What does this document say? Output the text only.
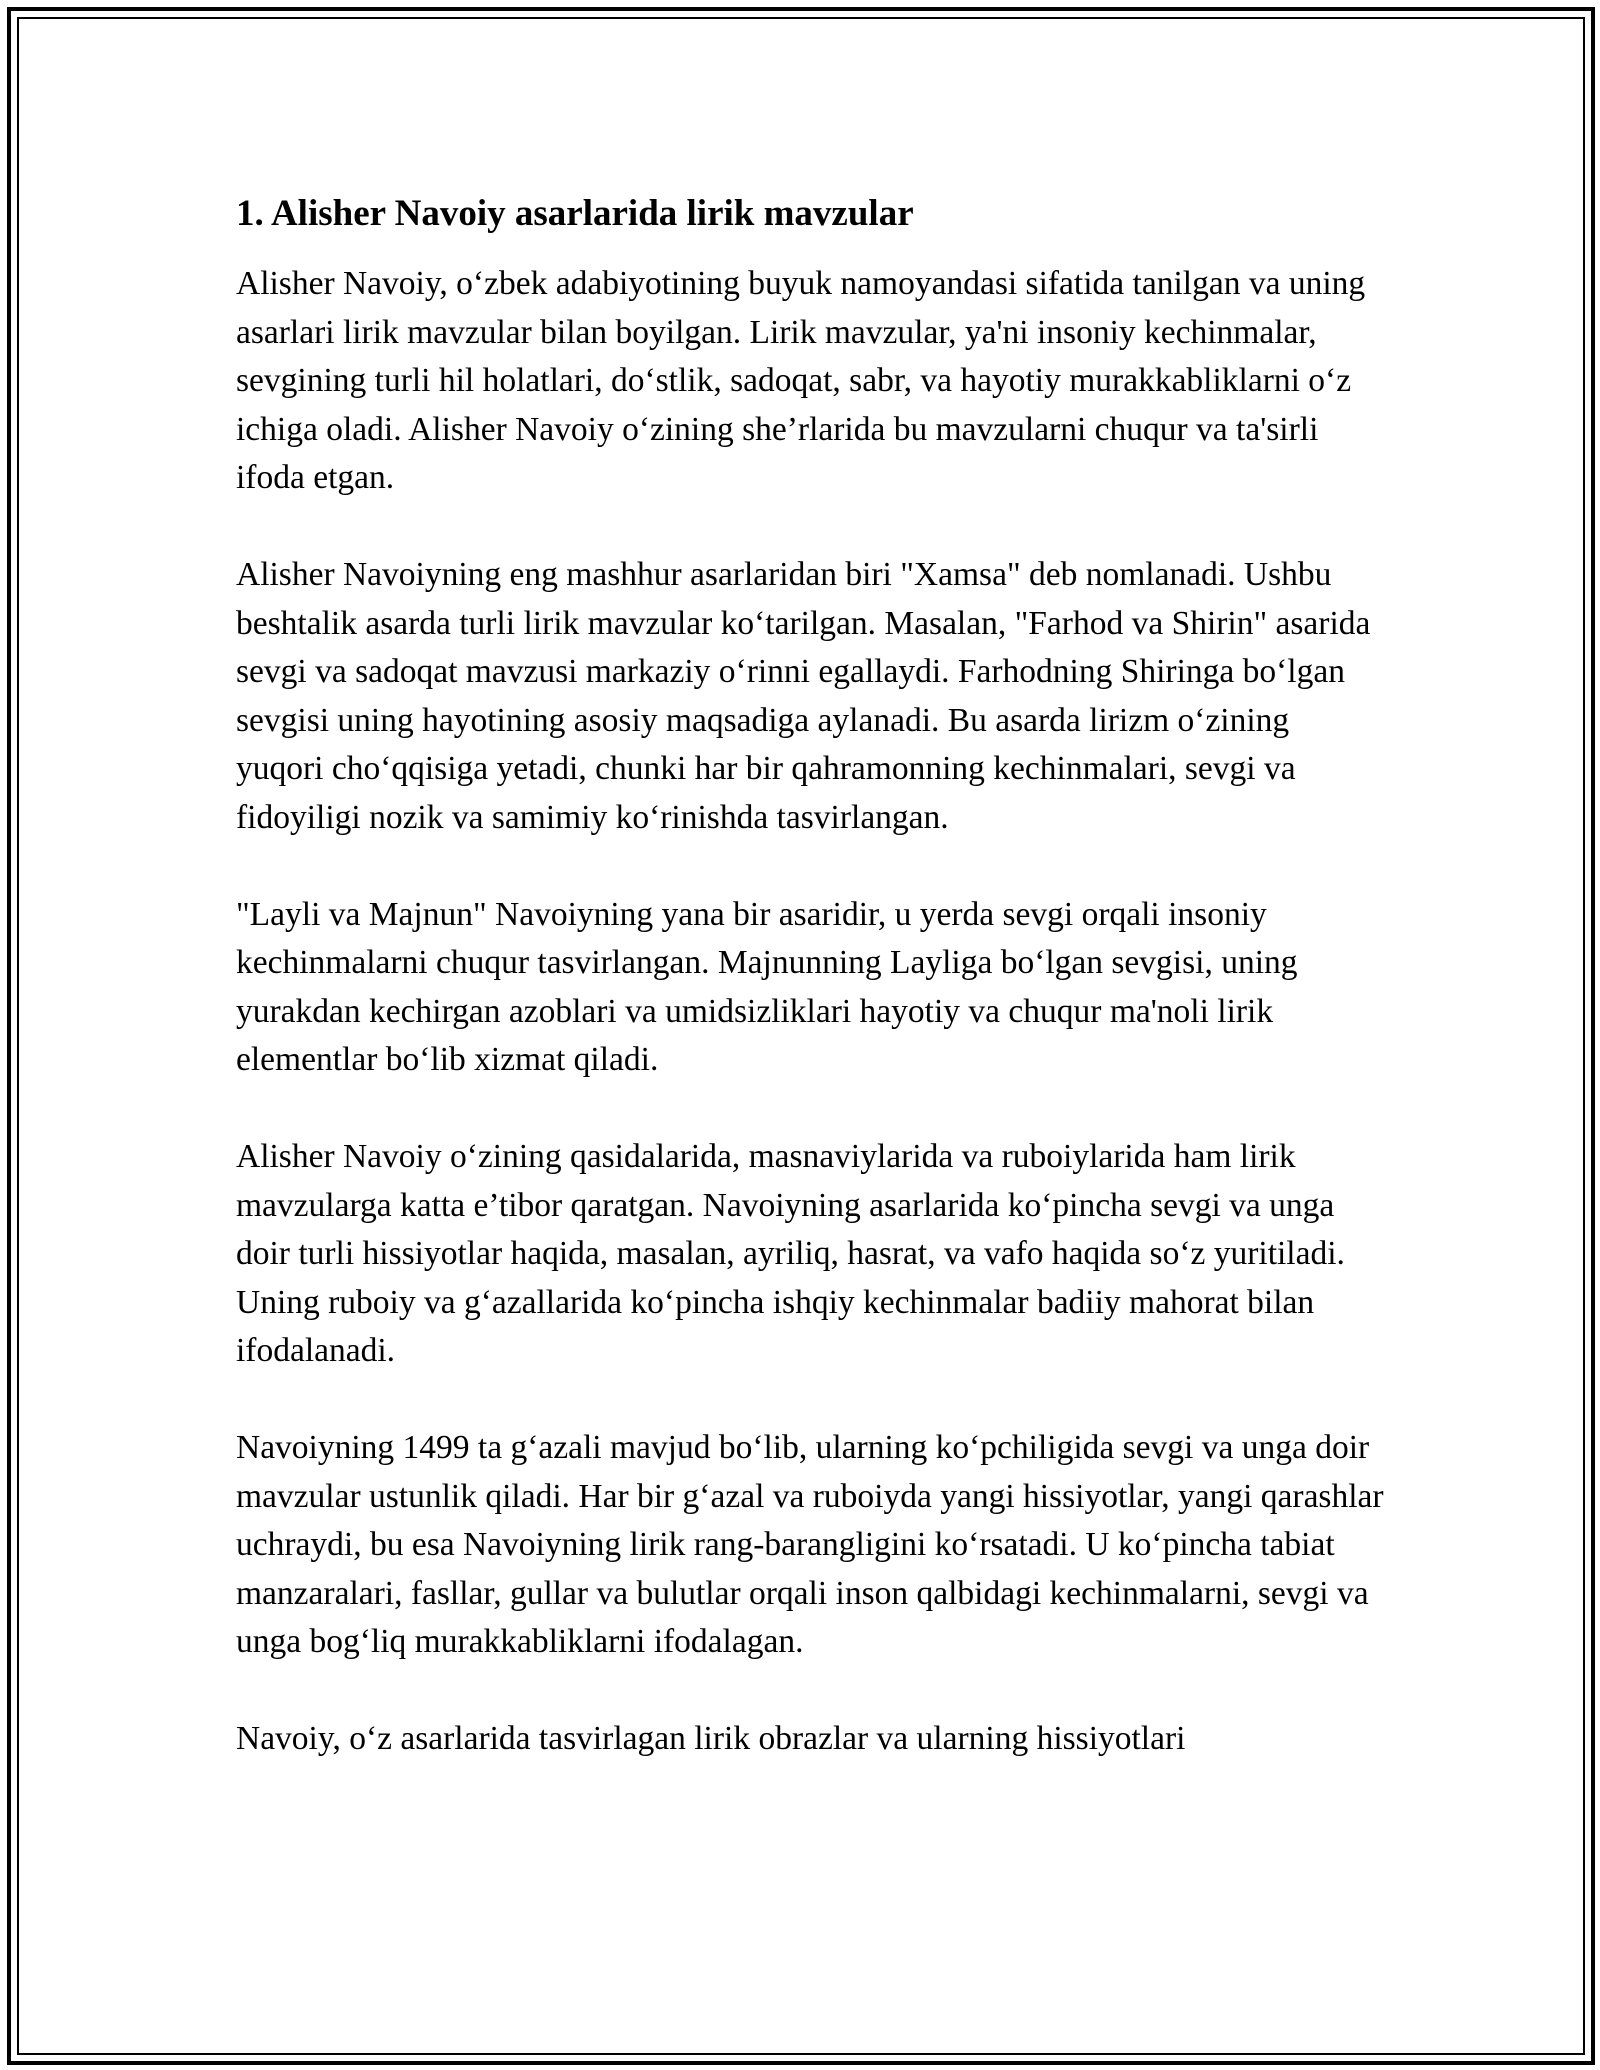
1. Alisher Navoiy asarlarida lirik mavzular

Alisher Navoiy, o‘zbek adabiyotining buyuk namoyandasi sifatida tanilgan va uning asarlari lirik mavzular bilan boyilgan. Lirik mavzular, ya'ni insoniy kechinmalar, sevgining turli hil holatlari, do‘stlik, sadoqat, sabr, va hayotiy murakkabliklarni o‘z ichiga oladi. Alisher Navoiy o‘zining she’rlarida bu mavzularni chuqur va ta'sirli ifoda etgan.

Alisher Navoiyning eng mashhur asarlaridan biri "Xamsa" deb nomlanadi. Ushbu beshtalik asarda turli lirik mavzular ko‘tarilgan. Masalan, "Farhod va Shirin" asarida sevgi va sadoqat mavzusi markaziy o‘rinni egallaydi. Farhodning Shiringa bo‘lgan sevgisi uning hayotining asosiy maqsadiga aylanadi. Bu asarda lirizm o‘zining yuqori cho‘qqisiga yetadi, chunki har bir qahramonning kechinmalari, sevgi va fidoyiligi nozik va samimiy ko‘rinishda tasvirlangan.

"Layli va Majnun" Navoiyning yana bir asaridir, u yerda sevgi orqali insoniy kechinmalarni chuqur tasvirlangan. Majnunning Layliga bo‘lgan sevgisi, uning yurakdan kechirgan azoblari va umidsizliklari hayotiy va chuqur ma'noli lirik elementlar bo‘lib xizmat qiladi.

Alisher Navoiy o‘zining qasidalarida, masnaviylarida va ruboiylarida ham lirik mavzularga katta e’tibor qaratgan. Navoiyning asarlarida ko‘pincha sevgi va unga doir turli hissiyotlar haqida, masalan, ayriliq, hasrat, va vafo haqida so‘z yuritiladi. Uning ruboiy va g‘azallarida ko‘pincha ishqiy kechinmalar badiiy mahorat bilan ifodalanadi.

Navoiyning 1499 ta g‘azali mavjud bo‘lib, ularning ko‘pchiligida sevgi va unga doir mavzular ustunlik qiladi. Har bir g‘azal va ruboiyda yangi hissiyotlar, yangi qarashlar uchraydi, bu esa Navoiyning lirik rang-barangligini ko‘rsatadi. U ko‘pincha tabiat manzaralari, fasllar, gullar va bulutlar orqali inson qalbidagi kechinmalarni, sevgi va unga bog‘liq murakkabliklarni ifodalagan.

Navoiy, o‘z asarlarida tasvirlagan lirik obrazlar va ularning hissiyotlari
